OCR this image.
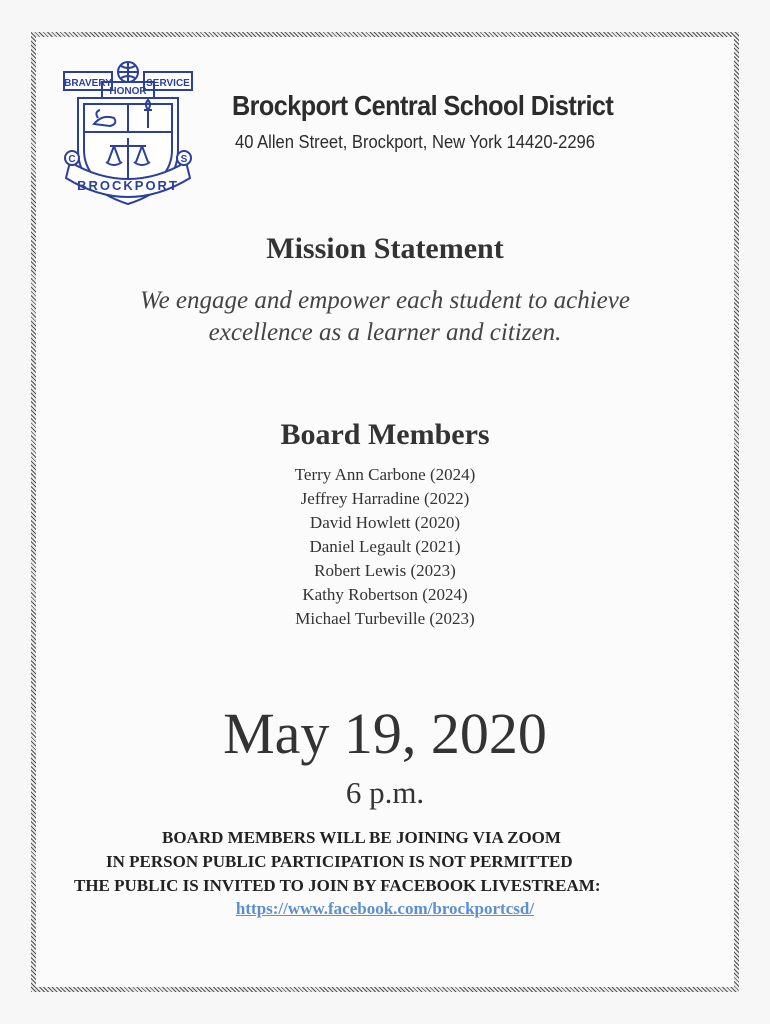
BRAVERY	SERVICE
HONOR
C	S
BROCKPORT
Brockport Central School District
40 Allen Street, Brockport, New York 14420-2296
Mission Statement
We engage and empower each student to achieve
excellence as a learner and citizen.
Board Members
Terry Ann Carbone (2024)
Jeffrey Harradine (2022)
David Howlett (2020)
Daniel Legault (2021)
Robert Lewis (2023)
Kathy Robertson (2024)
Michael Turbeville (2023)
May 19, 2020
6 p.m.
BOARD MEMBERS WILL BE JOINING VIA ZOOM
IN PERSON PUBLIC PARTICIPATION IS NOT PERMITTED
THE PUBLIC IS INVITED TO JOIN BY FACEBOOK LIVESTREAM:
https://www.facebook.com/brockportcsd/
